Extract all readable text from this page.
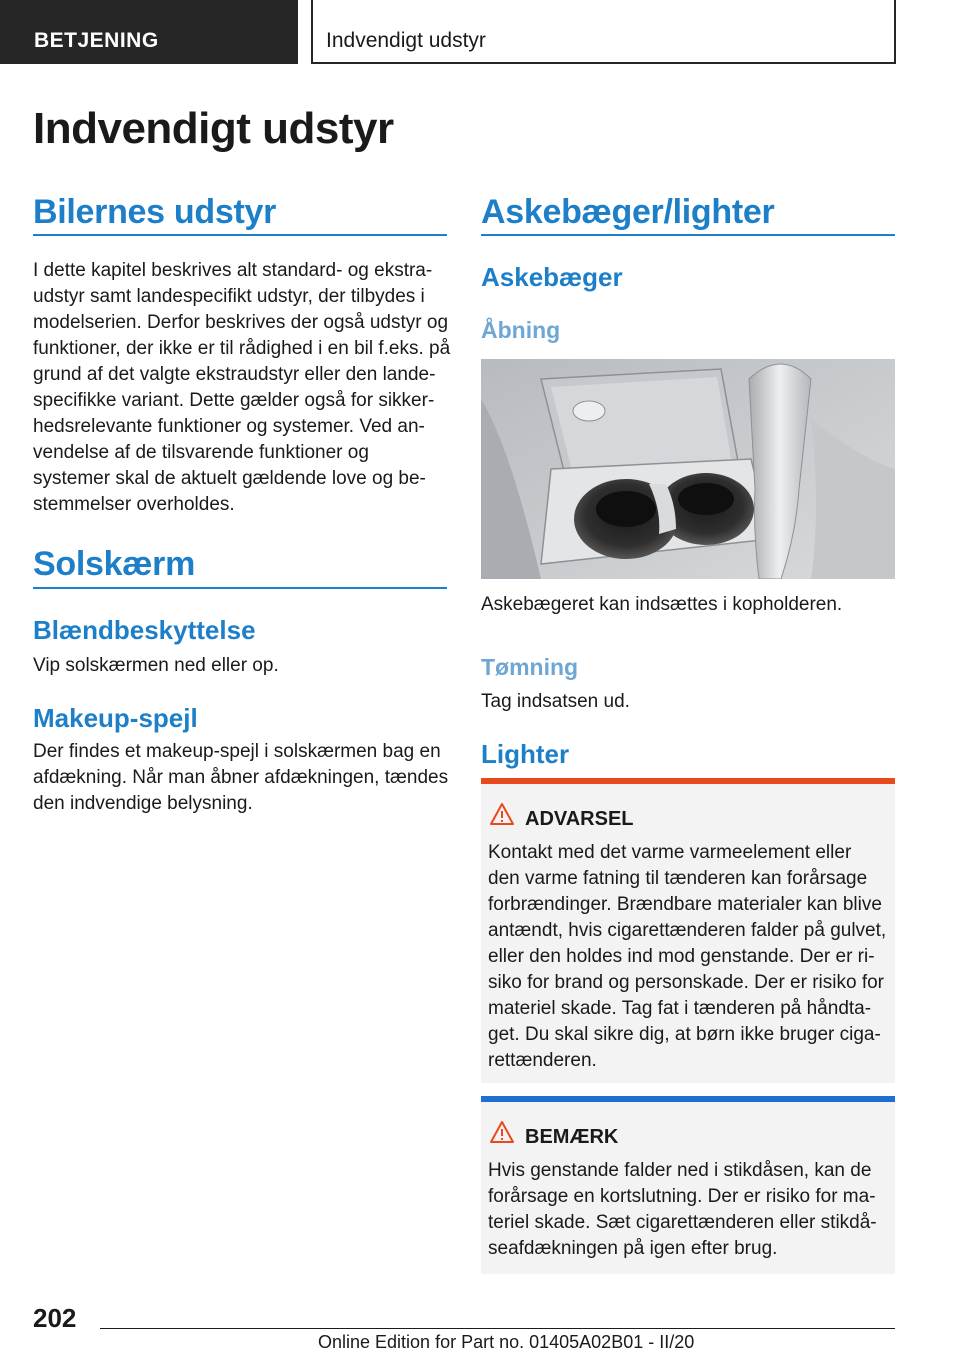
BETJENING	Indvendigt udstyr
Indvendigt udstyr
Bilernes udstyr
I dette kapitel beskrives alt standard- og ekstra-
udstyr samt landespecifikt udstyr, der tilbydes i
modelserien. Derfor beskrives der også udstyr og
funktioner, der ikke er til rådighed i en bil f.eks. på
grund af det valgte ekstraudstyr eller den lande-
specifikke variant. Dette gælder også for sikker-
hedsrelevante funktioner og systemer. Ved an-
vendelse af de tilsvarende funktioner og
systemer skal de aktuelt gældende love og be-
stemmelser overholdes.
Solskærm
Blændbeskyttelse
Vip solskærmen ned eller op.
Makeup-spejl
Der findes et makeup-spejl i solskærmen bag en
afdækning. Når man åbner afdækningen, tændes
den indvendige belysning.
Askebæger/lighter
Askebæger
Åbning
Askebægeret kan indsættes i kopholderen.
Tømning
Tag indsatsen ud.
Lighter
ADVARSEL
Kontakt med det varme varmeelement eller
den varme fatning til tænderen kan forårsage
forbrændinger. Brændbare materialer kan blive
antændt, hvis cigarettænderen falder på gulvet,
eller den holdes ind mod genstande. Der er ri-
siko for brand og personskade. Der er risiko for
materiel skade. Tag fat i tænderen på håndta-
get. Du skal sikre dig, at børn ikke bruger ciga-
rettænderen.
BEMÆRK
Hvis genstande falder ned i stikdåsen, kan de
forårsage en kortslutning. Der er risiko for ma-
teriel skade. Sæt cigarettænderen eller stikdå-
seafdækningen på igen efter brug.
202
Online Edition for Part no. 01405A02B01 - II/20
